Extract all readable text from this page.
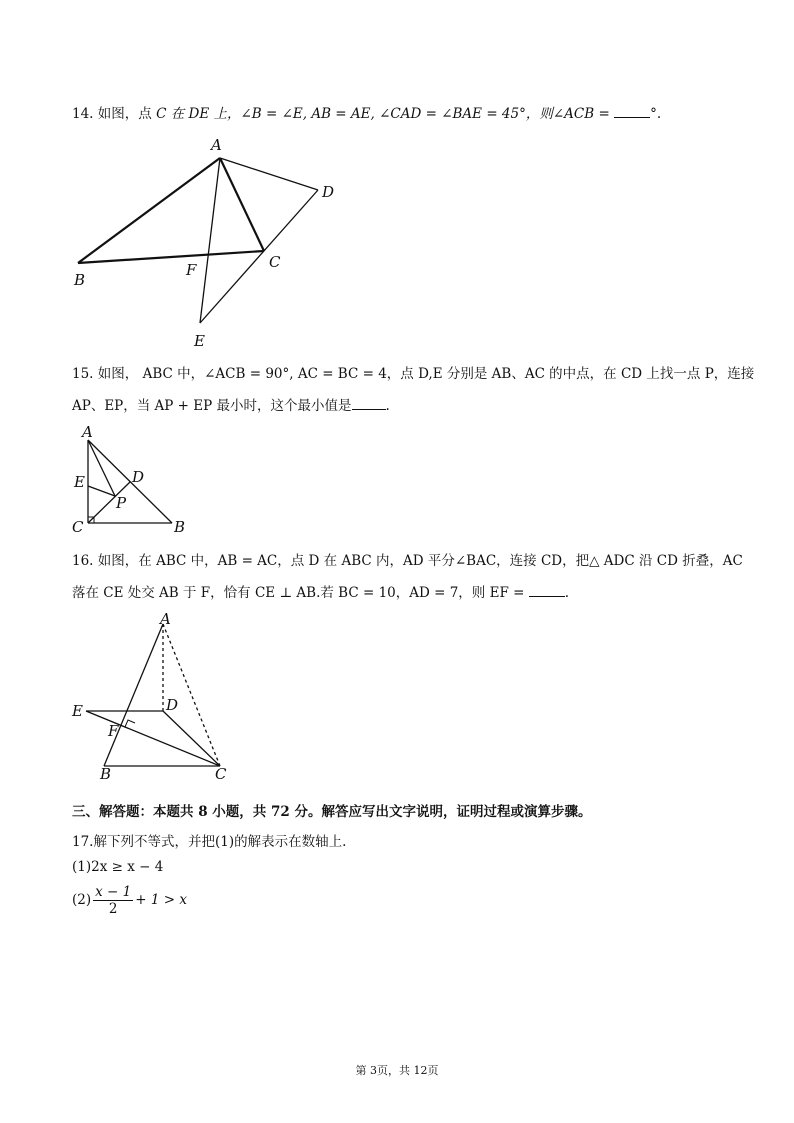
14. 如图，点 C 在 DE 上，∠B = ∠E, AB = AE, ∠CAD = ∠BAE = 45°，则∠ACB =	°.
A
B
C
D
E
F
15. 如图， ABC 中，∠ACB = 90°, AC = BC = 4，点 D,E 分别是 AB、AC 的中点，在 CD 上找一点 P，连接
AP、EP，当 AP + EP 最小时，这个最小值是	.
A
B
C
D
E
P
16. 如图，在 ABC 中，AB = AC，点 D 在 ABC 内，AD 平分∠BAC，连接 CD，把△ ADC 沿 CD 折叠，AC
落在 CE 处交 AB 于 F，恰有 CE ⊥ AB.若 BC = 10，AD = 7，则 EF =	.
A
B	C
D
E
F
三、解答题：本题共 8 小题，共 72 分。解答应写出文字说明，证明过程或演算步骤。
17.解下列不等式，并把(1)的解表示在数轴上.
(1)2x ≥ x − 4
$(2) \frac{x - 1}{2} + 1 > x$
第 3页，共 12页
